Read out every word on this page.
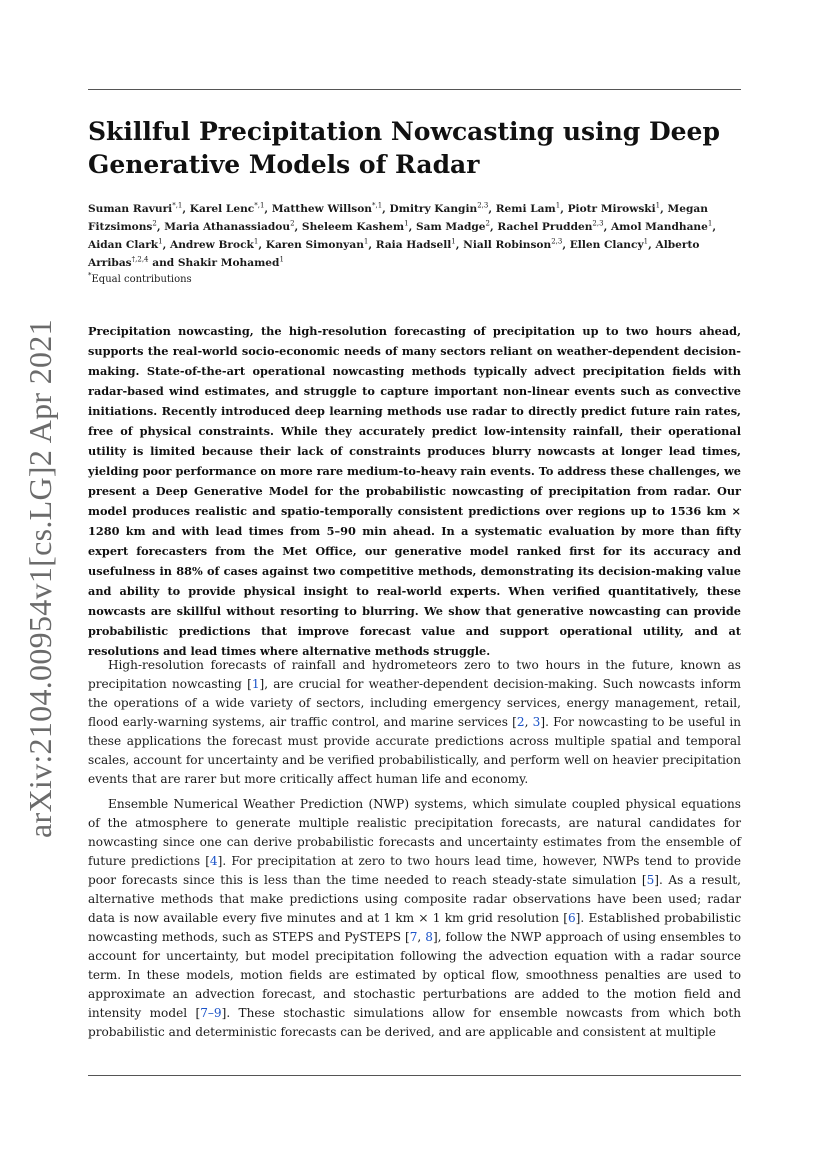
arXiv:2104.00954v1
[cs.LG]
2 Apr 2021
Skillful Precipitation Nowcasting using Deep Generative Models of Radar

Suman Ravuri$^{*,1}$, Karel Lenc$^{*,1}$, Matthew Willson$^{*,1}$, Dmitry Kangin$^{2,3}$, Remi Lam$^1$, Piotr Mirowski$^1$, Megan Fitzsimons$^2$, Maria Athanassiadou$^2$, Sheleem Kashem$^1$, Sam Madge$^2$, Rachel Prudden$^{2,3}$, Amol Mandhane$^1$, Aidan Clark$^1$, Andrew Brock$^1$, Karen Simonyan$^1$, Raia Hadsell$^1$, Niall Robinson$^{2,3}$, Ellen Clancy$^1$, Alberto Arribas$^{\dagger,2,4}$ and Shakir Mohamed$^1$

*Equal contributions

Precipitation nowcasting, the high-resolution forecasting of precipitation up to two hours ahead, supports the real-world socio-economic needs of many sectors reliant on weather-dependent decision-making. State-of-the-art operational nowcasting methods typically advect precipitation fields with radar-based wind estimates, and struggle to capture important non-linear events such as convective initiations. Recently introduced deep learning methods use radar to directly predict future rain rates, free of physical constraints. While they accurately predict low-intensity rainfall, their operational utility is limited because their lack of constraints produces blurry nowcasts at longer lead times, yielding poor performance on more rare medium-to-heavy rain events. To address these challenges, we present a Deep Generative Model for the probabilistic nowcasting of precipitation from radar. Our model produces realistic and spatio-temporally consistent predictions over regions up to 1536 km × 1280 km and with lead times from 5–90 min ahead. In a systematic evaluation by more than fifty expert forecasters from the Met Office, our generative model ranked first for its accuracy and usefulness in 88% of cases against two competitive methods, demonstrating its decision-making value and ability to provide physical insight to real-world experts. When verified quantitatively, these nowcasts are skillful without resorting to blurring. We show that generative nowcasting can provide probabilistic predictions that improve forecast value and support operational utility, and at resolutions and lead times where alternative methods struggle.

High-resolution forecasts of rainfall and hydrometeors zero to two hours in the future, known as precipitation nowcasting [1], are crucial for weather-dependent decision-making. Such nowcasts inform the operations of a wide variety of sectors, including emergency services, energy management, retail, flood early-warning systems, air traffic control, and marine services [2, 3]. For nowcasting to be useful in these applications the forecast must provide accurate predictions across multiple spatial and temporal scales, account for uncertainty and be verified probabilistically, and perform well on heavier precipitation events that are rarer but more critically affect human life and economy.

Ensemble Numerical Weather Prediction (NWP) systems, which simulate coupled physical equations of the atmosphere to generate multiple realistic precipitation forecasts, are natural candidates for nowcasting since one can derive probabilistic forecasts and uncertainty estimates from the ensemble of future predictions [4]. For precipitation at zero to two hours lead time, however, NWPs tend to provide poor forecasts since this is less than the time needed to reach steady-state simulation [5]. As a result, alternative methods that make predictions using composite radar observations have been used; radar data is now available every five minutes and at 1 km × 1 km grid resolution [6]. Established probabilistic nowcasting methods, such as STEPS and PySTEPS [7, 8], follow the NWP approach of using ensembles to account for uncertainty, but model precipitation following the advection equation with a radar source term. In these models, motion fields are estimated by optical flow, smoothness penalties are used to approximate an advection forecast, and stochastic perturbations are added to the motion field and intensity model [7–9]. These stochastic simulations allow for ensemble nowcasts from which both probabilistic and deterministic forecasts can be derived, and are applicable and consistent at multiple
